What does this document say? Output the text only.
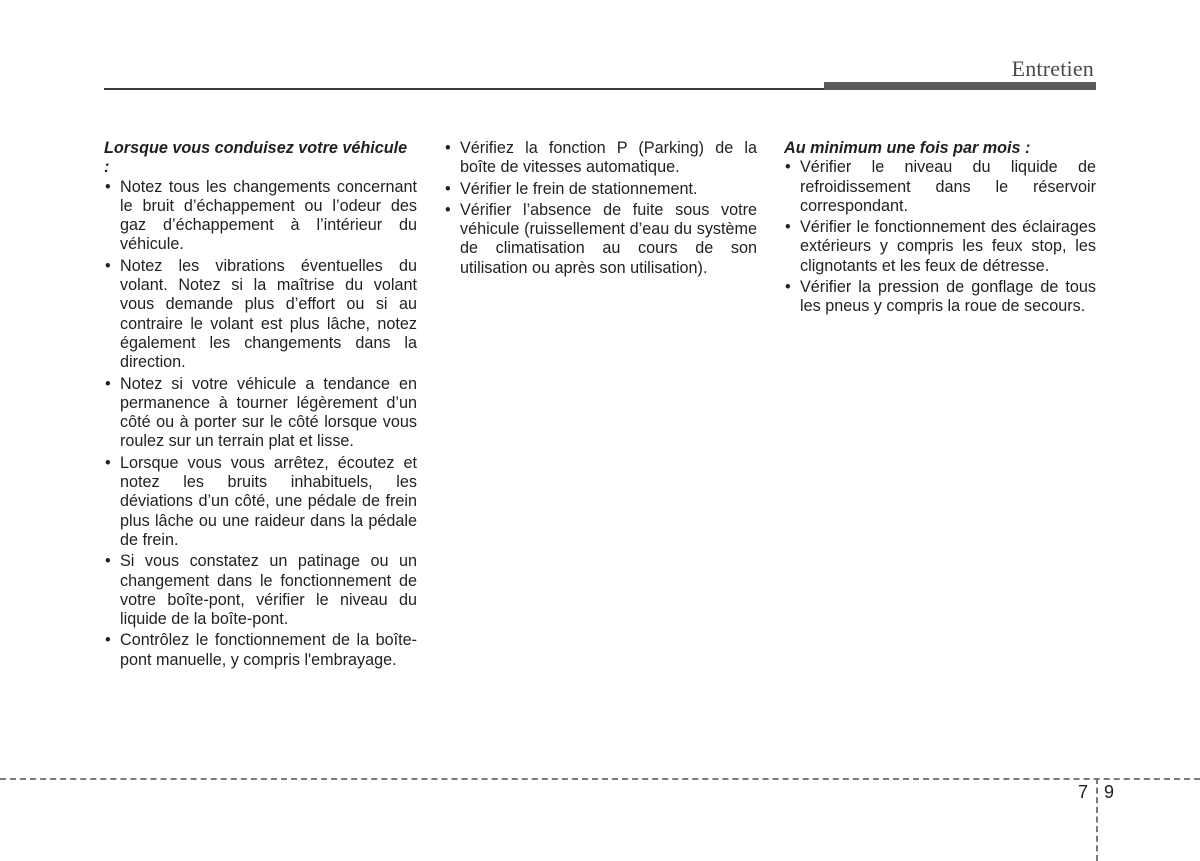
Entretien

Lorsque vous conduisez votre véhicule :

• Notez tous les changements concernant le bruit d’échappement ou l’odeur des gaz d’échappement à l’intérieur du véhicule.
• Notez les vibrations éventuelles du volant. Notez si la maîtrise du volant vous demande plus d’effort ou si au contraire le volant est plus lâche, notez également les changements dans la direction.
• Notez si votre véhicule a tendance en permanence à tourner légèrement d’un côté ou à porter sur le côté lorsque vous roulez sur un terrain plat et lisse.
• Lorsque vous vous arrêtez, écoutez et notez les bruits inhabituels, les déviations d’un côté, une pédale de frein plus lâche ou une raideur dans la pédale de frein.
• Si vous constatez un patinage ou un changement dans le fonctionnement de votre boîte-pont, vérifier le niveau du liquide de la boîte-pont.
• Contrôlez le fonctionnement de la boîte-pont manuelle, y compris l'embrayage.
• Vérifiez la fonction P (Parking) de la boîte de vitesses automatique.
• Vérifier le frein de stationnement.
• Vérifier l’absence de fuite sous votre véhicule (ruissellement d’eau du système de climatisation au cours de son utilisation ou après son utilisation).

Au minimum une fois par mois :

• Vérifier le niveau du liquide de refroidissement dans le réservoir correspondant.
• Vérifier le fonctionnement des éclairages extérieurs y compris les feux stop, les clignotants et les feux de détresse.
• Vérifier la pression de gonflage de tous les pneus y compris la roue de secours.
7 9
